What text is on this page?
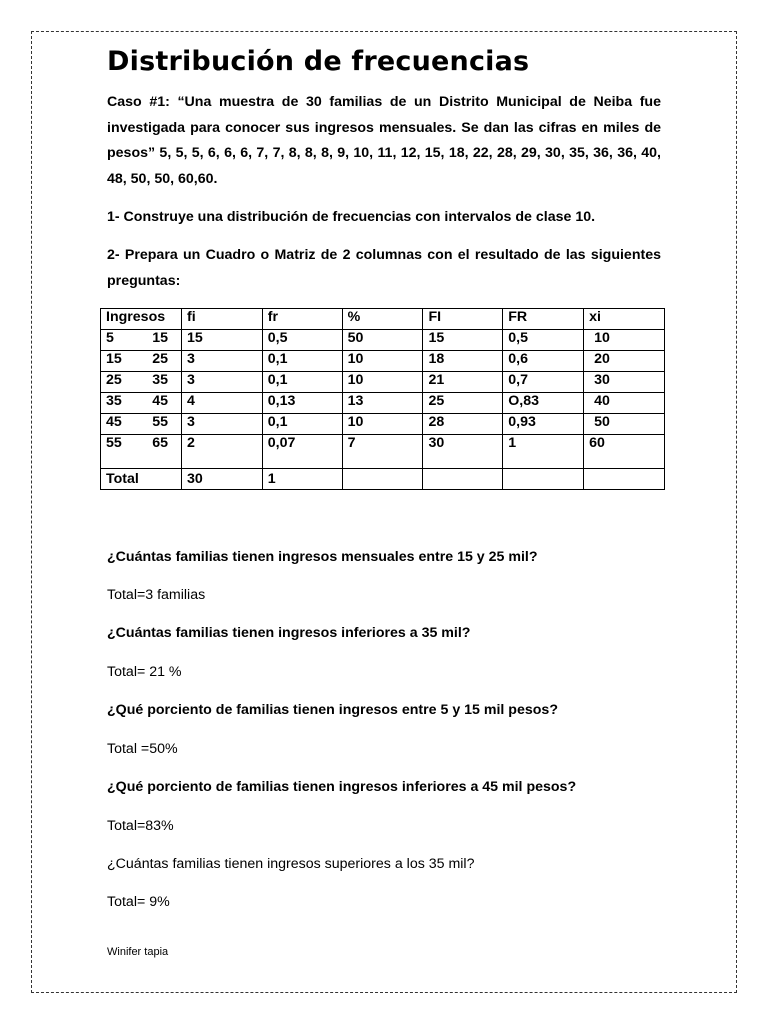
Distribución de frecuencias

Caso #1: “Una muestra de 30 familias de un Distrito Municipal de Neiba fue investigada para conocer sus ingresos mensuales. Se dan las cifras en miles de pesos” 5, 5, 5, 6, 6, 6, 7, 7, 8, 8, 8, 9, 10, 11, 12, 15, 18, 22, 28, 29, 30, 35, 36, 36, 40, 48, 50, 50, 60,60.

1- Construye una distribución de frecuencias con intervalos de clase 10.

2- Prepara un Cuadro o Matriz de 2 columnas con el resultado de las siguientes preguntas:

Ingresos	fi	fr	%	FI	FR	xi

5 15	15	0,5	50	15	0,5	10

15 25	3	0,1	10	18	0,6	20

25 35	3	0,1	10	21	0,7	30

35 45	4	0,13	13	25	O,83	40

45 55	3	0,1	10	28	0,93	50

55 65	2	0,07	7	30	1	60
Total	30	1				

¿Cuántas familias tienen ingresos mensuales entre 15 y 25 mil?

Total=3 familias

¿Cuántas familias tienen ingresos inferiores a 35 mil?

Total= 21 %

¿Qué porciento de familias tienen ingresos entre 5 y 15 mil pesos?

Total =50%

¿Qué porciento de familias tienen ingresos inferiores a 45 mil pesos?

Total=83%

¿Cuántas familias tienen ingresos superiores a los 35 mil?

Total= 9%

Winifer tapia
